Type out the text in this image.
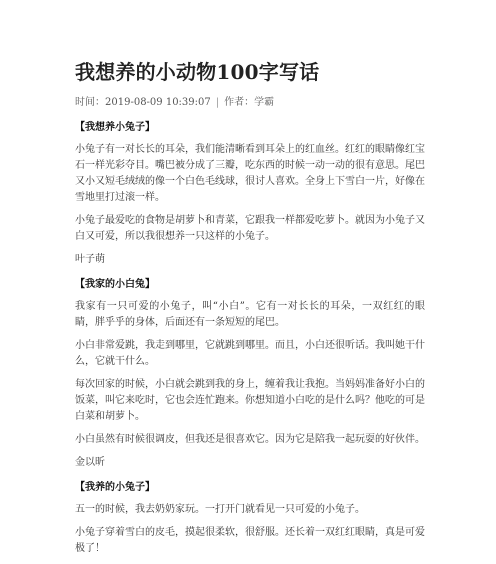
我想养的小动物100字写话
时间：2019-08-09 10:39:07 | 作者：学霸
【我想养小兔子】

小兔子有一对长长的耳朵，我们能清晰看到耳朵上的红血丝。红红的眼睛像红宝石一样光彩夺目。嘴巴被分成了三瓣，吃东西的时候一动一动的很有意思。尾巴又小又短毛绒绒的像一个白色毛线球，很讨人喜欢。全身上下雪白一片，好像在雪地里打过滚一样。

小兔子最爱吃的食物是胡萝卜和青菜，它跟我一样都爱吃萝卜。就因为小兔子又白又可爱，所以我很想养一只这样的小兔子。

叶子萌
【我家的小白兔】

我家有一只可爱的小兔子，叫“小白”。它有一对长长的耳朵，一双红红的眼睛，胖乎乎的身体，后面还有一条短短的尾巴。

小白非常爱跳，我走到哪里，它就跳到哪里。而且，小白还很听话。我叫她干什么，它就干什么。

每次回家的时候，小白就会跳到我的身上，缠着我让我抱。当妈妈准备好小白的饭菜，叫它来吃时，它也会连忙跑来。你想知道小白吃的是什么吗？他吃的可是白菜和胡萝卜。

小白虽然有时候很调皮，但我还是很喜欢它。因为它是陪我一起玩耍的好伙伴。

金以昕
【我养的小兔子】

五一的时候，我去奶奶家玩。一打开门就看见一只可爱的小兔子。

小兔子穿着雪白的皮毛，摸起很柔软，很舒服。还长着一双红红眼睛，真是可爱极了！
